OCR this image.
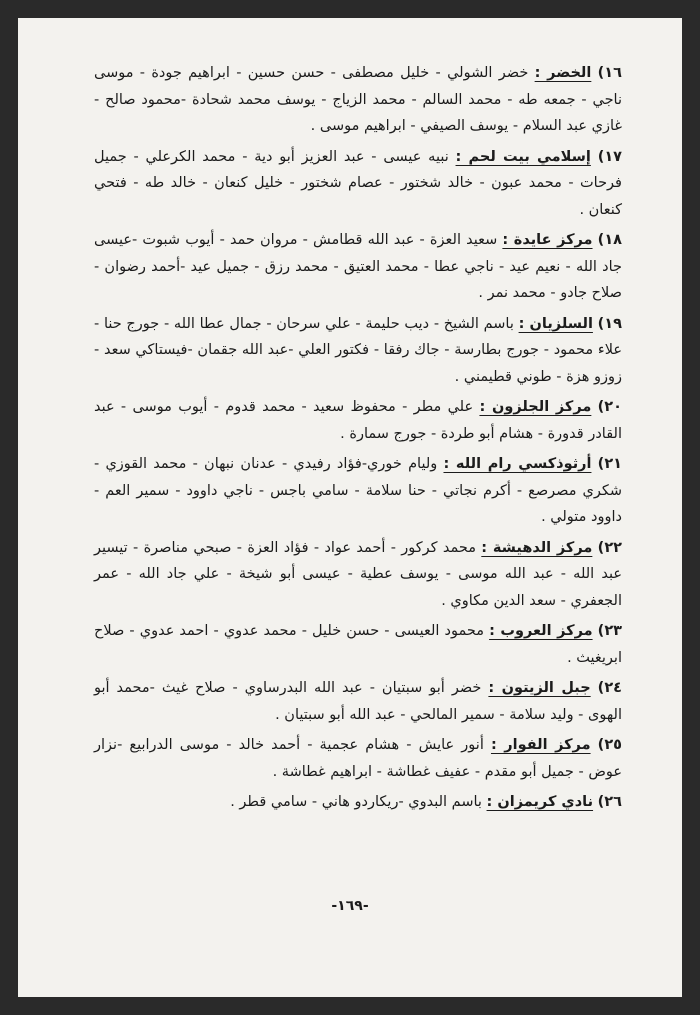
١٦) الخضر : خضر الشولي - خليل مصطفى - حسن حسين - ابراهيم جودة - موسى ناجي - جمعه طه - محمد السالم - محمد الزياج - يوسف محمد شحادة -محمود صالح - غازي عبد السلام - يوسف الصيفي - ابراهيم موسى .
١٧) إسلامي بيت لحم : نبيه عيسى - عبد العزيز أبو دية - محمد الكرعلي - جميل فرحات - محمد عبون - خالد شختور - عصام شختور - خليل كنعان - خالد طه - فتحي كنعان .
١٨) مركز عايدة : سعيد العزة - عبد الله قطامش - مروان حمد - أيوب شبوت -عيسى جاد الله - نعيم عيد - ناجي عطا - محمد العتيق - محمد رزق - جميل عيد -أحمد رضوان - صلاح جادو - محمد نمر .
١٩) السلزيان : باسم الشيخ - ديب حليمة - علي سرحان - جمال عطا الله - جورج حنا - علاء محمود - جورج بطارسة - جاك رفقا - فكتور العلي -عبد الله جقمان -فيستاكي سعد - زوزو هزة - طوني قطيمني .
٢٠) مركز الجلزون : علي مطر - محفوظ سعيد - محمد قدوم - أيوب موسى - عبد القادر قدورة - هشام أبو طردة - جورج سمارة .
٢١) أرثوذكسي رام الله : وليام خوري-فؤاد رفيدي - عدنان نبهان - محمد القوزي - شكري مصرصع - أكرم نجاتي - حنا سلامة - سامي باجس - ناجي داوود - سمير العم - داوود متولي .
٢٢) مركز الدهيشة : محمد كركور - أحمد عواد - فؤاد العزة - صبحي مناصرة - تيسير عبد الله - عبد الله موسى - يوسف عطية - عيسى أبو شيخة - علي جاد الله - عمر الجعفري - سعد الدين مكاوي .
٢٣) مركز العروب : محمود العيسى - حسن خليل - محمد عدوي - احمد عدوي - صلاح ابريغيث .
٢٤) جبل الزيتون : خضر أبو سبتيان - عبد الله البدرساوي - صلاح غيث -محمد أبو الهوى - وليد سلامة - سمير المالحي - عبد الله أبو سبتيان .
٢٥) مركز الفوار : أنور عايش - هشام عجمية - أحمد خالد - موسى الدرابيع -نزار عوض - جميل أبو مقدم - عفيف غطاشة - ابراهيم غطاشة .
٢٦) نادي كريمزان : باسم البدوي -ريكاردو هاني - سامي قطر .
-١٦٩-
